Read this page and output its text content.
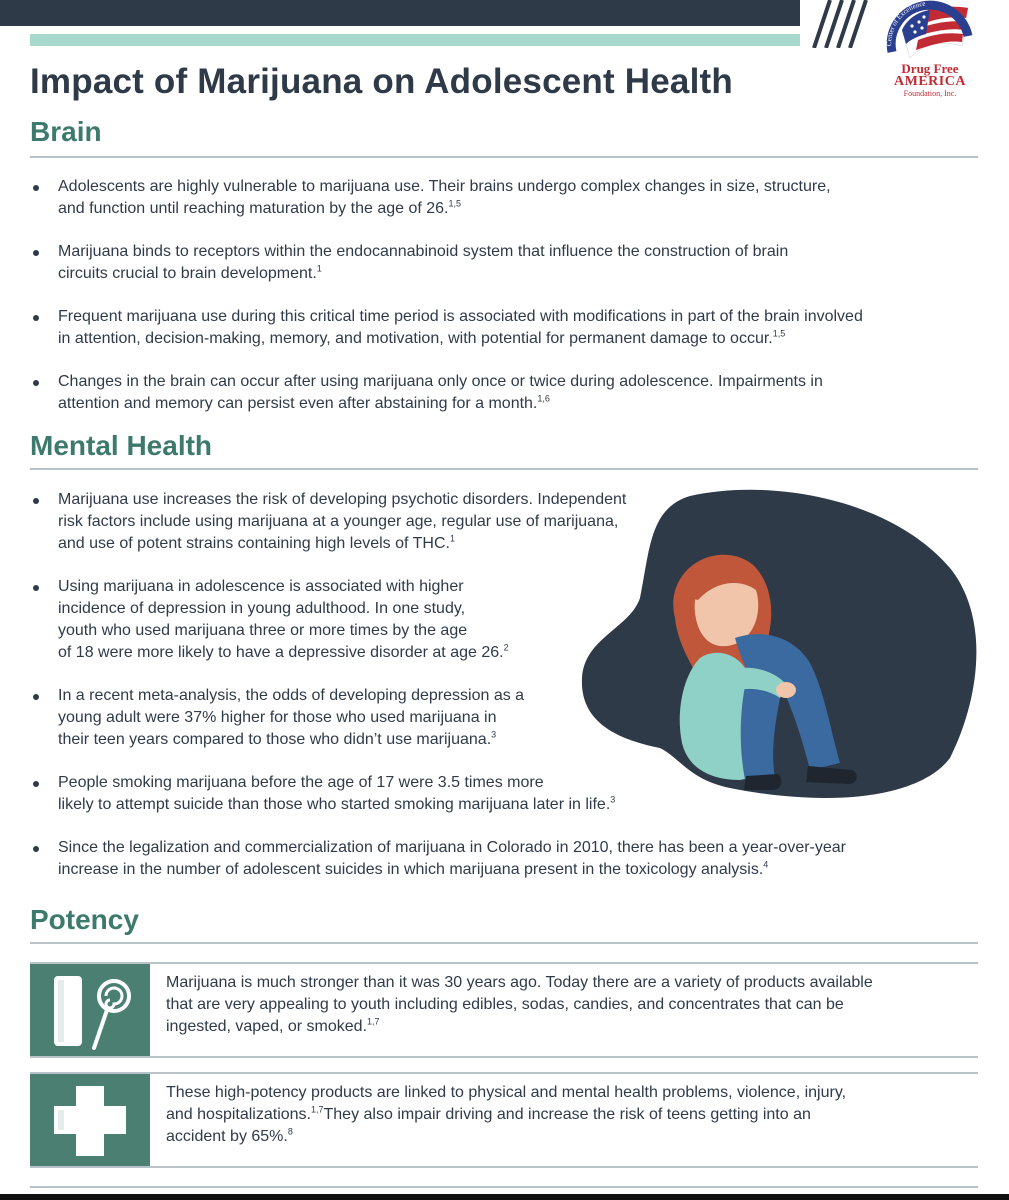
Center of Excellence
Drug Free
AMERICA
Foundation, Inc.
Impact of Marijuana on Adolescent Health
Brain
Adolescents are highly vulnerable to marijuana use. Their brains undergo complex changes in size, structure,
and function until reaching maturation by the age of 26.$^{1,5}$
Marijuana binds to receptors within the endocannabinoid system that influence the construction of brain
circuits crucial to brain development.$^1$
Frequent marijuana use during this critical time period is associated with modifications in part of the brain involved
in attention, decision-making, memory, and motivation, with potential for permanent damage to occur.$^{1,5}$
Changes in the brain can occur after using marijuana only once or twice during adolescence. Impairments in
attention and memory can persist even after abstaining for a month.$^{1,6}$
Mental Health
Marijuana use increases the risk of developing psychotic disorders. Independent
risk factors include using marijuana at a younger age, regular use of marijuana,
and use of potent strains containing high levels of THC.$^1$
Using marijuana in adolescence is associated with higher
incidence of depression in young adulthood. In one study,
youth who used marijuana three or more times by the age
of 18 were more likely to have a depressive disorder at age 26.$^2$
In a recent meta-analysis, the odds of developing depression as a
young adult were 37% higher for those who used marijuana in
their teen years compared to those who didn’t use marijuana.$^3$
People smoking marijuana before the age of 17 were 3.5 times more
likely to attempt suicide than those who started smoking marijuana later in life.$^3$
Since the legalization and commercialization of marijuana in Colorado in 2010, there has been a year-over-year
increase in the number of adolescent suicides in which marijuana present in the toxicology analysis.$^4$
Potency

Marijuana is much stronger than it was 30 years ago. Today there are a variety of products available
that are very appealing to youth including edibles, sodas, candies, and concentrates that can be
ingested, vaped, or smoked.$^{1,7}$

These high-potency products are linked to physical and mental health problems, violence, injury,
and hospitalizations.$^{1,7}$They also impair driving and increase the risk of teens getting into an
accident by 65%.$^8$
